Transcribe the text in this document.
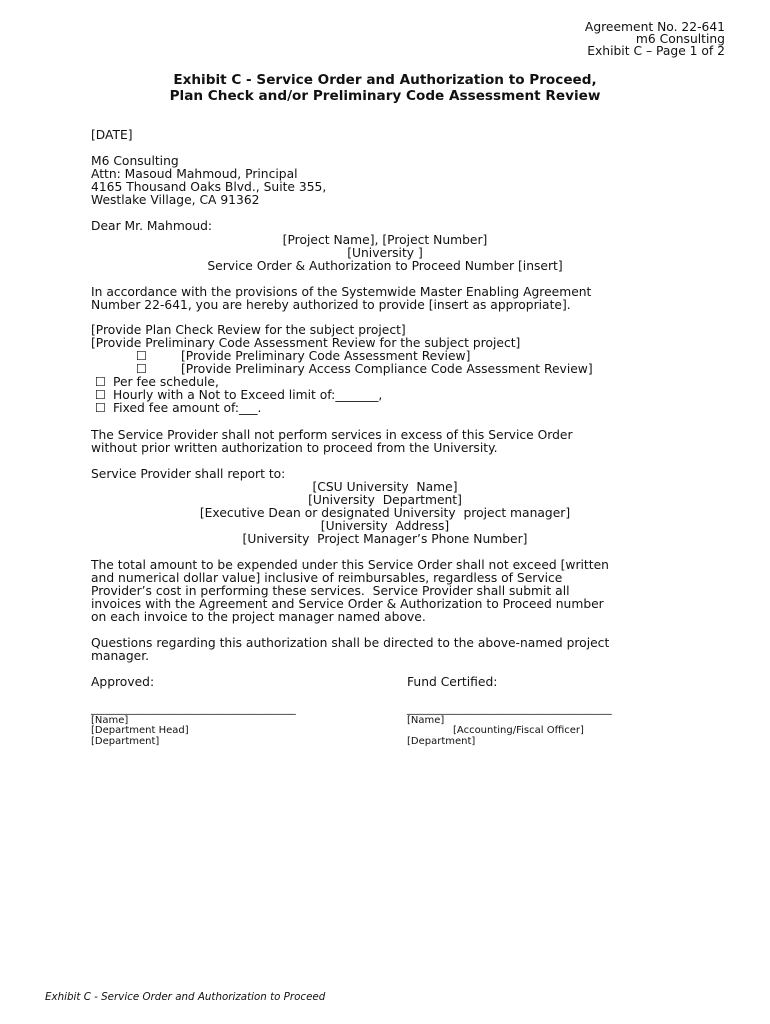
Agreement No. 22-641
m6 Consulting
Exhibit C – Page 1 of 2
Exhibit C - Service Order and Authorization to Proceed,
Plan Check and/or Preliminary Code Assessment Review
[DATE]
M6 Consulting
Attn: Masoud Mahmoud, Principal
4165 Thousand Oaks Blvd., Suite 355,
Westlake Village, CA 91362
Dear Mr. Mahmoud:
[Project Name], [Project Number]
[University ]
Service Order & Authorization to Proceed Number [insert]
In accordance with the provisions of the Systemwide Master Enabling Agreement
Number 22-641, you are hereby authorized to provide [insert as appropriate].
[Provide Plan Check Review for the subject project]
[Provide Preliminary Code Assessment Review for the subject project]
☐	[Provide Preliminary Code Assessment Review]
☐	[Provide Preliminary Access Compliance Code Assessment Review]
☐ Per fee schedule,
☐ Hourly with a Not to Exceed limit of:_______,
☐ Fixed fee amount of:___.
The Service Provider shall not perform services in excess of this Service Order
without prior written authorization to proceed from the University.
Service Provider shall report to:
[CSU University  Name]
[University  Department]
[Executive Dean or designated University  project manager]
[University  Address]
[University  Project Manager’s Phone Number]
The total amount to be expended under this Service Order shall not exceed [written
and numerical dollar value] inclusive of reimbursables, regardless of Service
Provider’s cost in performing these services.  Service Provider shall submit all
invoices with the Agreement and Service Order & Authorization to Proceed number
on each invoice to the project manager named above.
Questions regarding this authorization shall be directed to the above-named project
manager.
Approved:	Fund Certified:
_______________________________________	_______________________________________
[Name]
[Department Head]
[Department]
[Name]
[Accounting/Fiscal Officer]
[Department]
Exhibit C - Service Order and Authorization to Proceed
